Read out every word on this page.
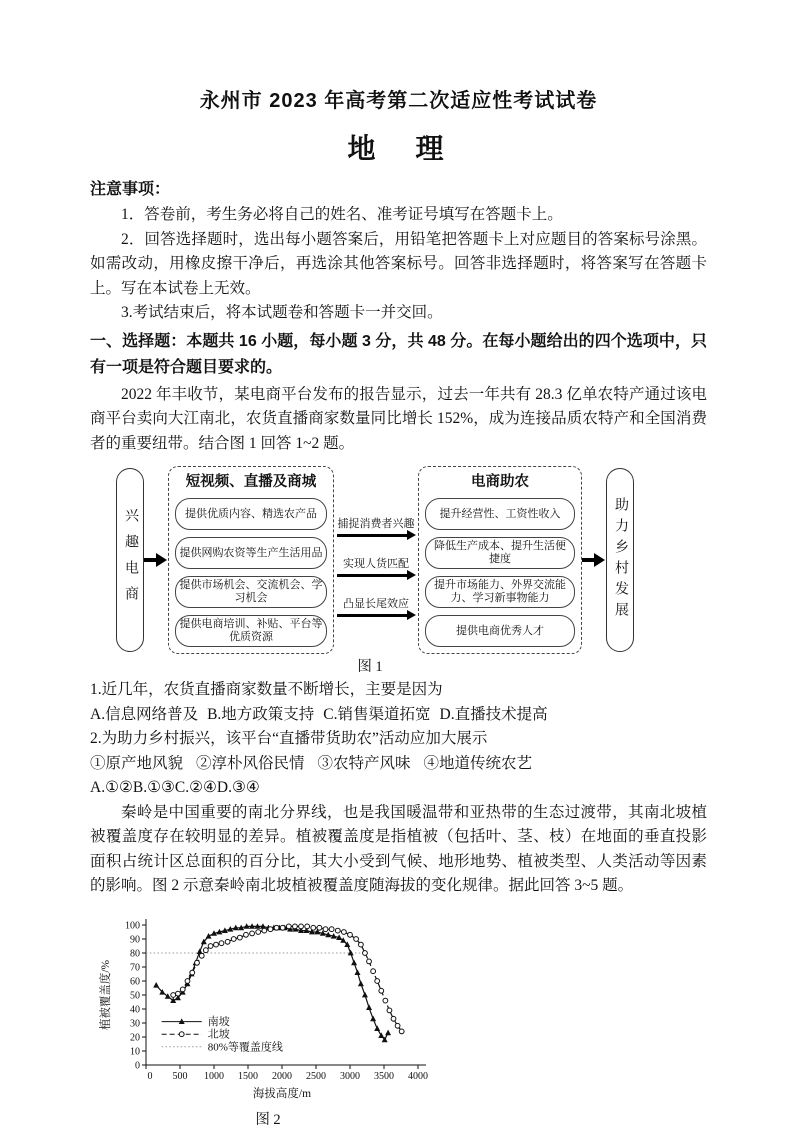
永州市 2023 年高考第二次适应性考试试卷
地　理
注意事项：

1．答卷前，考生务必将自己的姓名、准考证号填写在答题卡上。

2．回答选择题时，选出每小题答案后，用铅笔把答题卡上对应题目的答案标号涂黑。如需改动，用橡皮擦干净后，再选涂其他答案标号。回答非选择题时，将答案写在答题卡上。写在本试卷上无效。

3.考试结束后，将本试题卷和答题卡一并交回。

一、选择题：本题共 16 小题，每小题 3 分，共 48 分。在每小题给出的四个选项中，只有一项是符合题目要求的。

2022 年丰收节，某电商平台发布的报告显示，过去一年共有 28.3 亿单农特产通过该电商平台卖向大江南北，农货直播商家数量同比增长 152%，成为连接品质农特产和全国消费者的重要纽带。结合图 1 回答 1~2 题。

兴趣电商
短视频、直播及商城
提供优质内容、精选农产品
提供网购农资等生产生活用品
提供市场机会、交流机会、学习机会
提供电商培训、补贴、平台等优质资源
捕捉消费者兴趣
实现人货匹配
凸显长尾效应
电商助农
提升经营性、工资性收入
降低生产成本、提升生活便捷度
提升市场能力、外界交流能力、学习新事物能力
提供电商优秀人才
助力乡村发展
图 1

1.近几年，农货直播商家数量不断增长，主要是因为

A.信息网络普及 B.地方政策支持 C.销售渠道拓宽 D.直播技术提高

2.为助力乡村振兴，该平台“直播带货助农”活动应加大展示

①原产地风貌 ②淳朴风俗民情 ③农特产风味 ④地道传统农艺

A.①②B.①③C.②④D.③④

秦岭是中国重要的南北分界线，也是我国暖温带和亚热带的生态过渡带，其南北坡植被覆盖度存在较明显的差异。植被覆盖度是指植被（包括叶、茎、枝）在地面的垂直投影面积占统计区总面积的百分比，其大小受到气候、地形地势、植被类型、人类活动等因素的影响。图 2 示意秦岭南北坡植被覆盖度随海拔的变化规律。据此回答 3~5 题。

0
10
20
30
40
50
60
70
80
90
100
0 500 1000 1500 2000 2500 3000 3500 4000
南坡
北坡
80%等覆盖度线
海拔高度/m
植被覆盖度/%
图 2
